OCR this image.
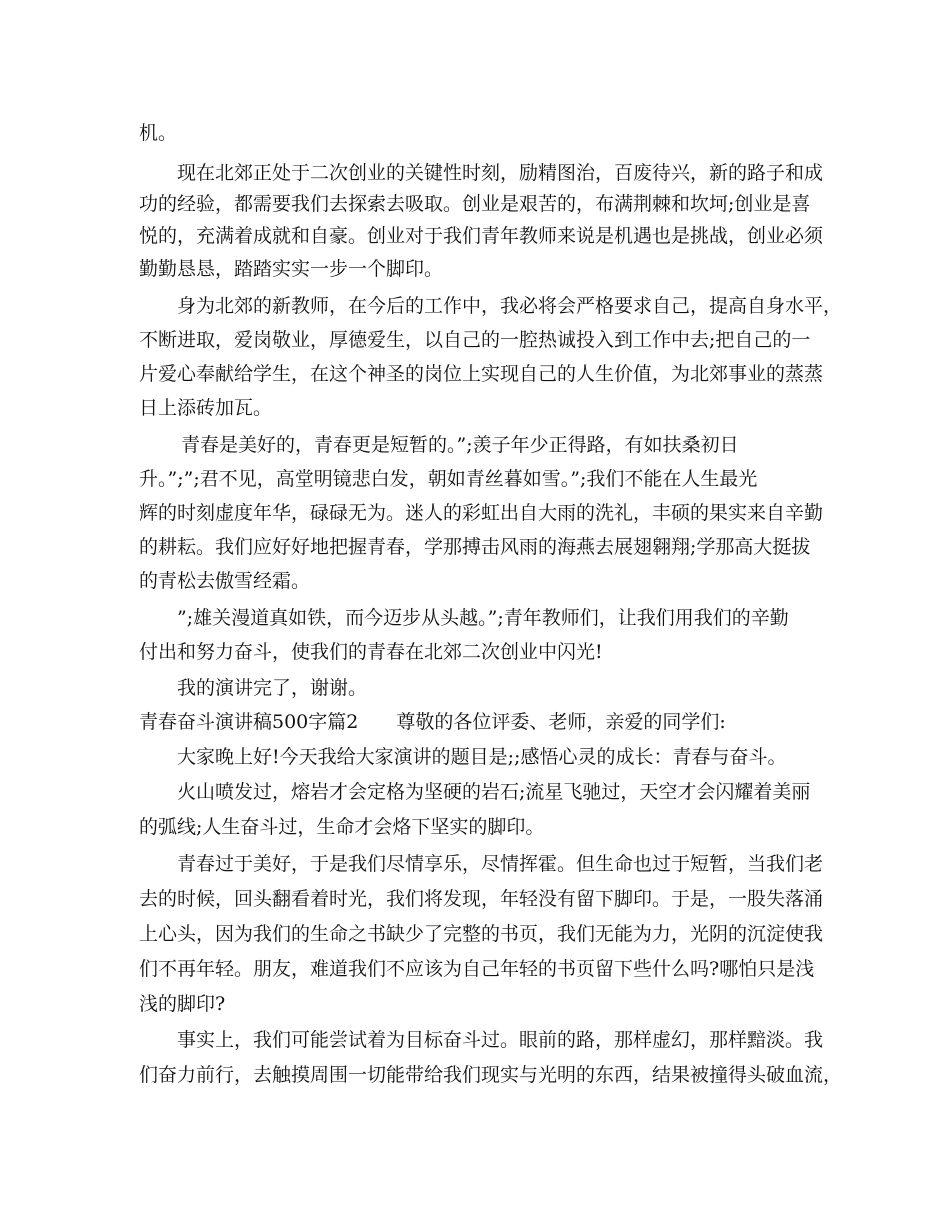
机。
现在北郊正处于二次创业的关键性时刻，励精图治，百废待兴，新的路子和成
功的经验，都需要我们去探索去吸取。创业是艰苦的，布满荆棘和坎坷;创业是喜
悦的，充满着成就和自豪。创业对于我们青年教师来说是机遇也是挑战，创业必须
勤勤恳恳，踏踏实实一步一个脚印。
身为北郊的新教师，在今后的工作中，我必将会严格要求自己，提高自身水平，
不断进取，爱岗敬业，厚德爱生，以自己的一腔热诚投入到工作中去;把自己的一
片爱心奉献给学生，在这个神圣的岗位上实现自己的人生价值，为北郊事业的蒸蒸
日上添砖加瓦。
青春是美好的，青春更是短暂的。”;羡子年少正得路，有如扶桑初日
升。”;”;君不见，高堂明镜悲白发，朝如青丝暮如雪。”;我们不能在人生最光
辉的时刻虚度年华，碌碌无为。迷人的彩虹出自大雨的洗礼，丰硕的果实来自辛勤
的耕耘。我们应好好地把握青春，学那搏击风雨的海燕去展翅翱翔;学那高大挺拔
的青松去傲雪经霜。
”;雄关漫道真如铁，而今迈步从头越。”;青年教师们，让我们用我们的辛勤
付出和努力奋斗，使我们的青春在北郊二次创业中闪光!
我的演讲完了，谢谢。
青春奋斗演讲稿500字篇2　　尊敬的各位评委、老师，亲爱的同学们:
大家晚上好!今天我给大家演讲的题目是;;感悟心灵的成长：青春与奋斗。
火山喷发过，熔岩才会定格为坚硬的岩石;流星飞驰过，天空才会闪耀着美丽
的弧线;人生奋斗过，生命才会烙下坚实的脚印。
青春过于美好，于是我们尽情享乐，尽情挥霍。但生命也过于短暂，当我们老
去的时候，回头翻看着时光，我们将发现，年轻没有留下脚印。于是，一股失落涌
上心头，因为我们的生命之书缺少了完整的书页，我们无能为力，光阴的沉淀使我
们不再年轻。朋友，难道我们不应该为自己年轻的书页留下些什么吗?哪怕只是浅
浅的脚印?
事实上，我们可能尝试着为目标奋斗过。眼前的路，那样虚幻，那样黯淡。我
们奋力前行，去触摸周围一切能带给我们现实与光明的东西，结果被撞得头破血流，
